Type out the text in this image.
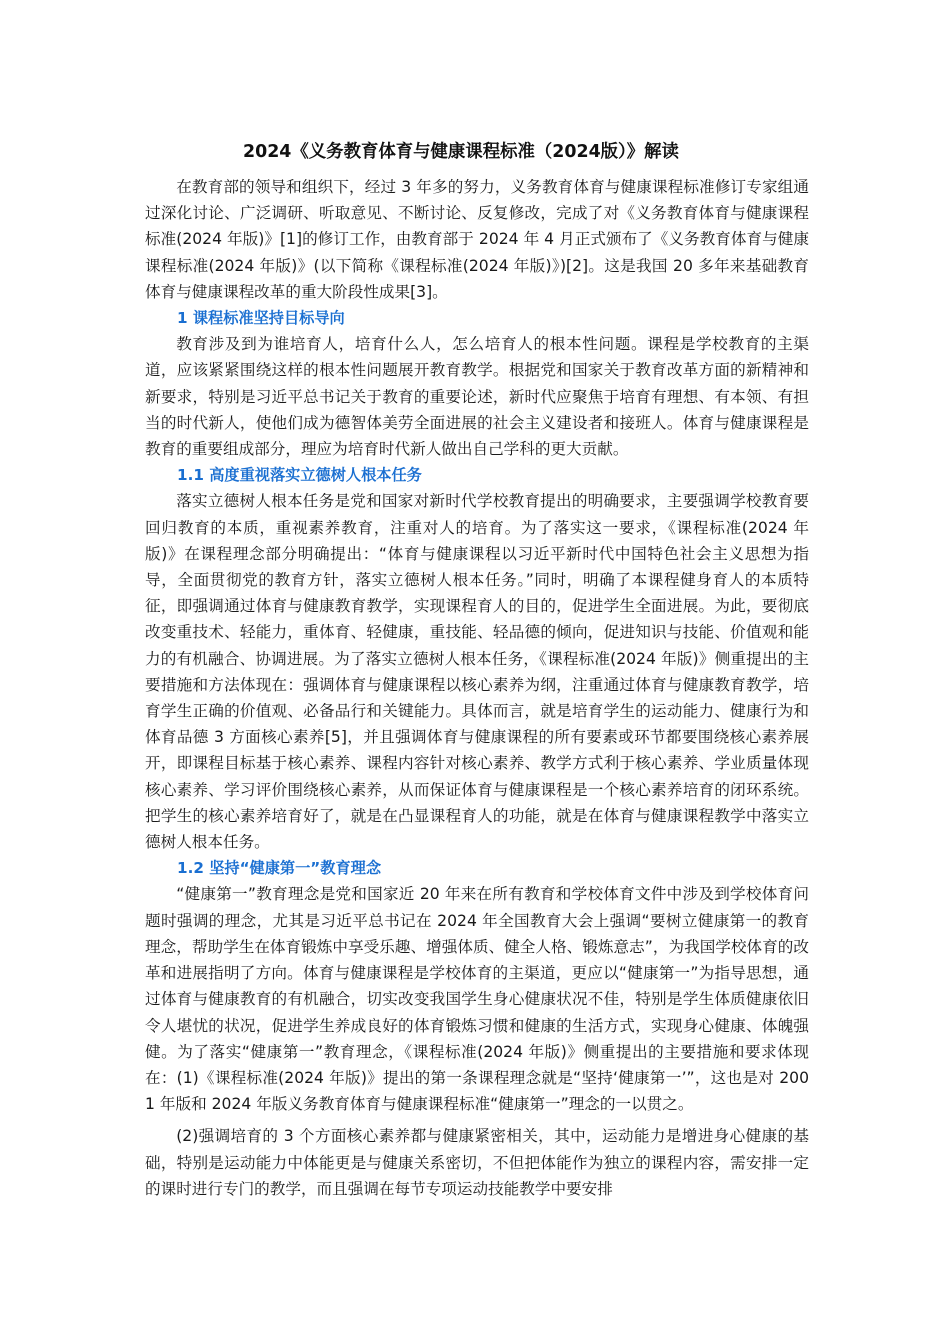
2024《义务教育体育与健康课程标准（2024版）》解读

在教育部的领导和组织下，经过 3 年多的努力，义务教育体育与健康课程标准修订专家组通过深化讨论、广泛调研、听取意见、不断讨论、反复修改，完成了对《义务教育体育与健康课程标准(2024 年版)》[1]的修订工作，由教育部于 2024 年 4 月正式颁布了《义务教育体育与健康课程标准(2024 年版)》(以下简称《课程标准(2024 年版)》)[2]。这是我国 20 多年来基础教育 体育与健康课程改革的重大阶段性成果[3]。

1 课程标准坚持目标导向

教育涉及到为谁培育人，培育什么人，怎么培育人的根本性问题。课程是学校教育的主渠道，应该紧紧围绕这样的根本性问题展开教育教学。根据党和国家关于教育改革方面的新精神和新要求，特别是习近平总书记关于教育的重要论述，新时代应聚焦于培育有理想、有本领、有担当的时代新人，使他们成为德智体美劳全面进展的社会主义建设者和接班人。体育与健康课程是教育的重要组成部分，理应为培育时代新人做出自己学科的更大贡献。

1.1 高度重视落实立德树人根本任务

落实立德树人根本任务是党和国家对新时代学校教育提出的明确要求，主要强调学校教育要回归教育的本质，重视素养教育，注重对人的培育。为了落实这一要求，《课程标准(2024 年版)》在课程理念部分明确提出：“体育与健康课程以习近平新时代中国特色社会主义思想为指导，全面贯彻党的教育方针，落实立德树人根本任务。”同时，明确了本课程健身育人的本质特征，即强调通过体育与健康教育教学，实现课程育人的目的，促进学生全面进展。为此，要彻底改变重技术、轻能力，重体育、轻健康，重技能、轻品德的倾向，促进知识与技能、价值观和能力的有机融合、协调进展。为了落实立德树人根本任务，《课程标准(2024 年版)》侧重提出的主要措施和方法体现在：强调体育与健康课程以核心素养为纲，注重通过体育与健康教育教学，培育学生正确的价值观、必备品行和关键能力。具体而言，就是培育学生的运动能力、健康行为和体育品德 3 方面核心素养[5]，并且强调体育与健康课程的所有要素或环节都要围绕核心素养展开，即课程目标基于核心素养、课程内容针对核心素养、教学方式利于核心素养、学业质量体现核心素养、学习评价围绕核心素养，从而保证体育与健康课程是一个核心素养培育的闭环系统。把学生的核心素养培育好了，就是在凸显课程育人的功能，就是在体育与健康课程教学中落实立德树人根本任务。

1.2 坚持“健康第一”教育理念

“健康第一”教育理念是党和国家近 20 年来在所有教育和学校体育文件中涉及到学校体育问题时强调的理念，尤其是习近平总书记在 2024 年全国教育大会上强调“要树立健康第一的教育理念，帮助学生在体育锻炼中享受乐趣、增强体质、健全人格、锻炼意志”，为我国学校体育的改革和进展指明了方向。体育与健康课程是学校体育的主渠道，更应以“健康第一”为指导思想，通过体育与健康教育的有机融合，切实改变我国学生身心健康状况不佳，特别是学生体质健康依旧令人堪忧的状况，促进学生养成良好的体育锻炼习惯和健康的生活方式，实现身心健康、体魄强健。为了落实“健康第一”教育理念，《课程标准(2024 年版)》侧重提出的主要措施和要求体现在：(1)《课程标准(2024 年版)》提出的第一条课程理念就是“坚持‘健康第一’”，这也是对 2001 年版和 2024 年版义务教育体育与健康课程标准“健康第一”理念的一以贯之。

(2)强调培育的 3 个方面核心素养都与健康紧密相关，其中，运动能力是增进身心健康的基础，特别是运动能力中体能更是与健康关系密切，不但把体能作为独立的课程内容，需安排一定的课时进行专门的教学，而且强调在每节专项运动技能教学中要安排
